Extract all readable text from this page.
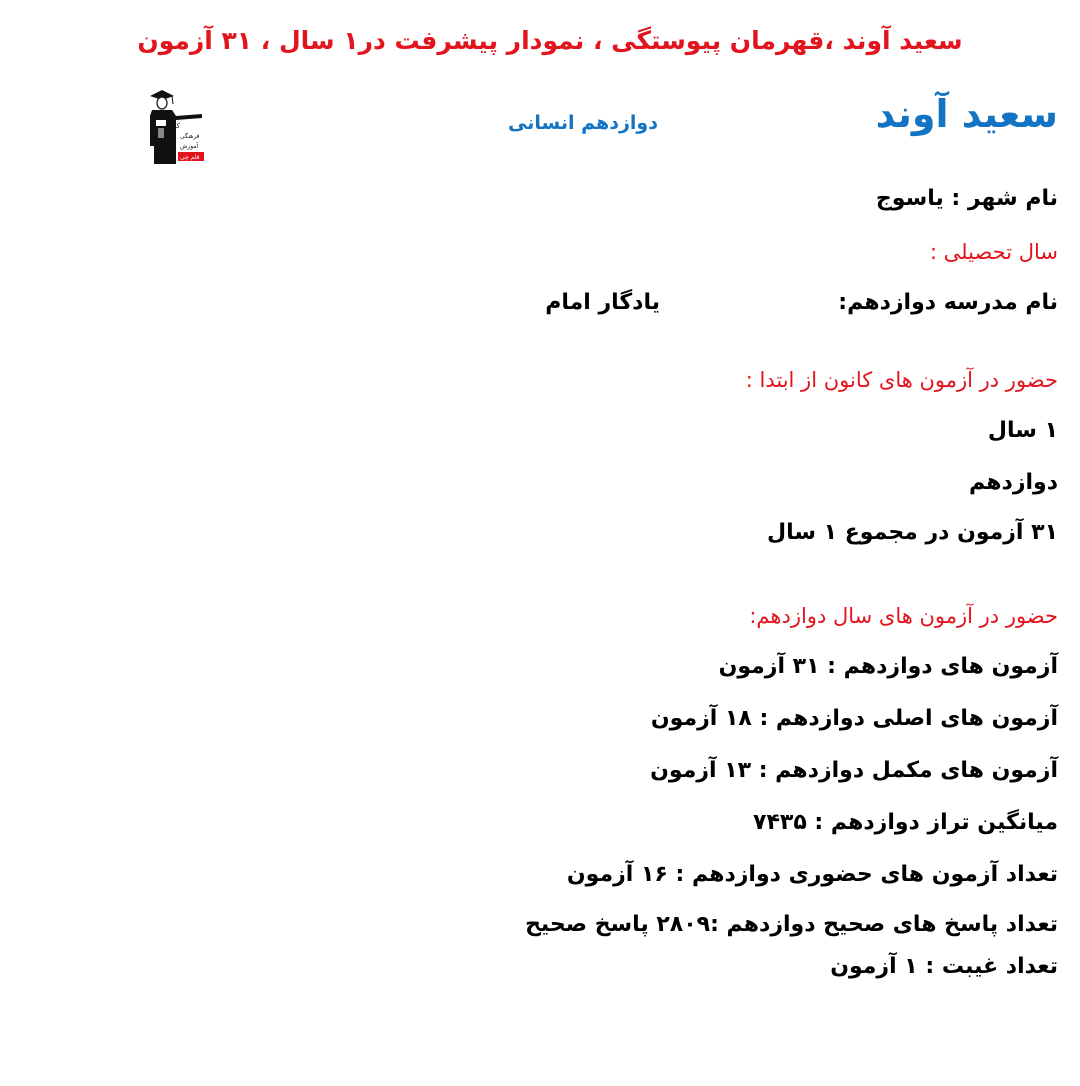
سعید آوند ،قهرمان پیوستگی ، نمودار پیشرفت در۱ سال ، ۳۱ آزمون
سعید آوند
دوازدهم انسانی
کانون
فرهنگی
آموزش
قلم چی
نام شهر : یاسوج
سال تحصیلی :
نام مدرسه دوازدهم:
یادگار امام
حضور در آزمون های کانون از ابتدا :
۱ سال
دوازدهم
۳۱ آزمون در مجموع ۱ سال
حضور در آزمون های سال دوازدهم:
آزمون های دوازدهم : ۳۱ آزمون
آزمون های اصلی دوازدهم : ۱۸ آزمون
آزمون های مکمل دوازدهم : ۱۳ آزمون
میانگین تراز دوازدهم : ۷۴۳۵
تعداد آزمون های حضوری دوازدهم : ۱۶ آزمون
تعداد پاسخ های صحیح دوازدهم :۲۸۰۹ پاسخ صحیح
تعداد غیبت : ۱ آزمون
